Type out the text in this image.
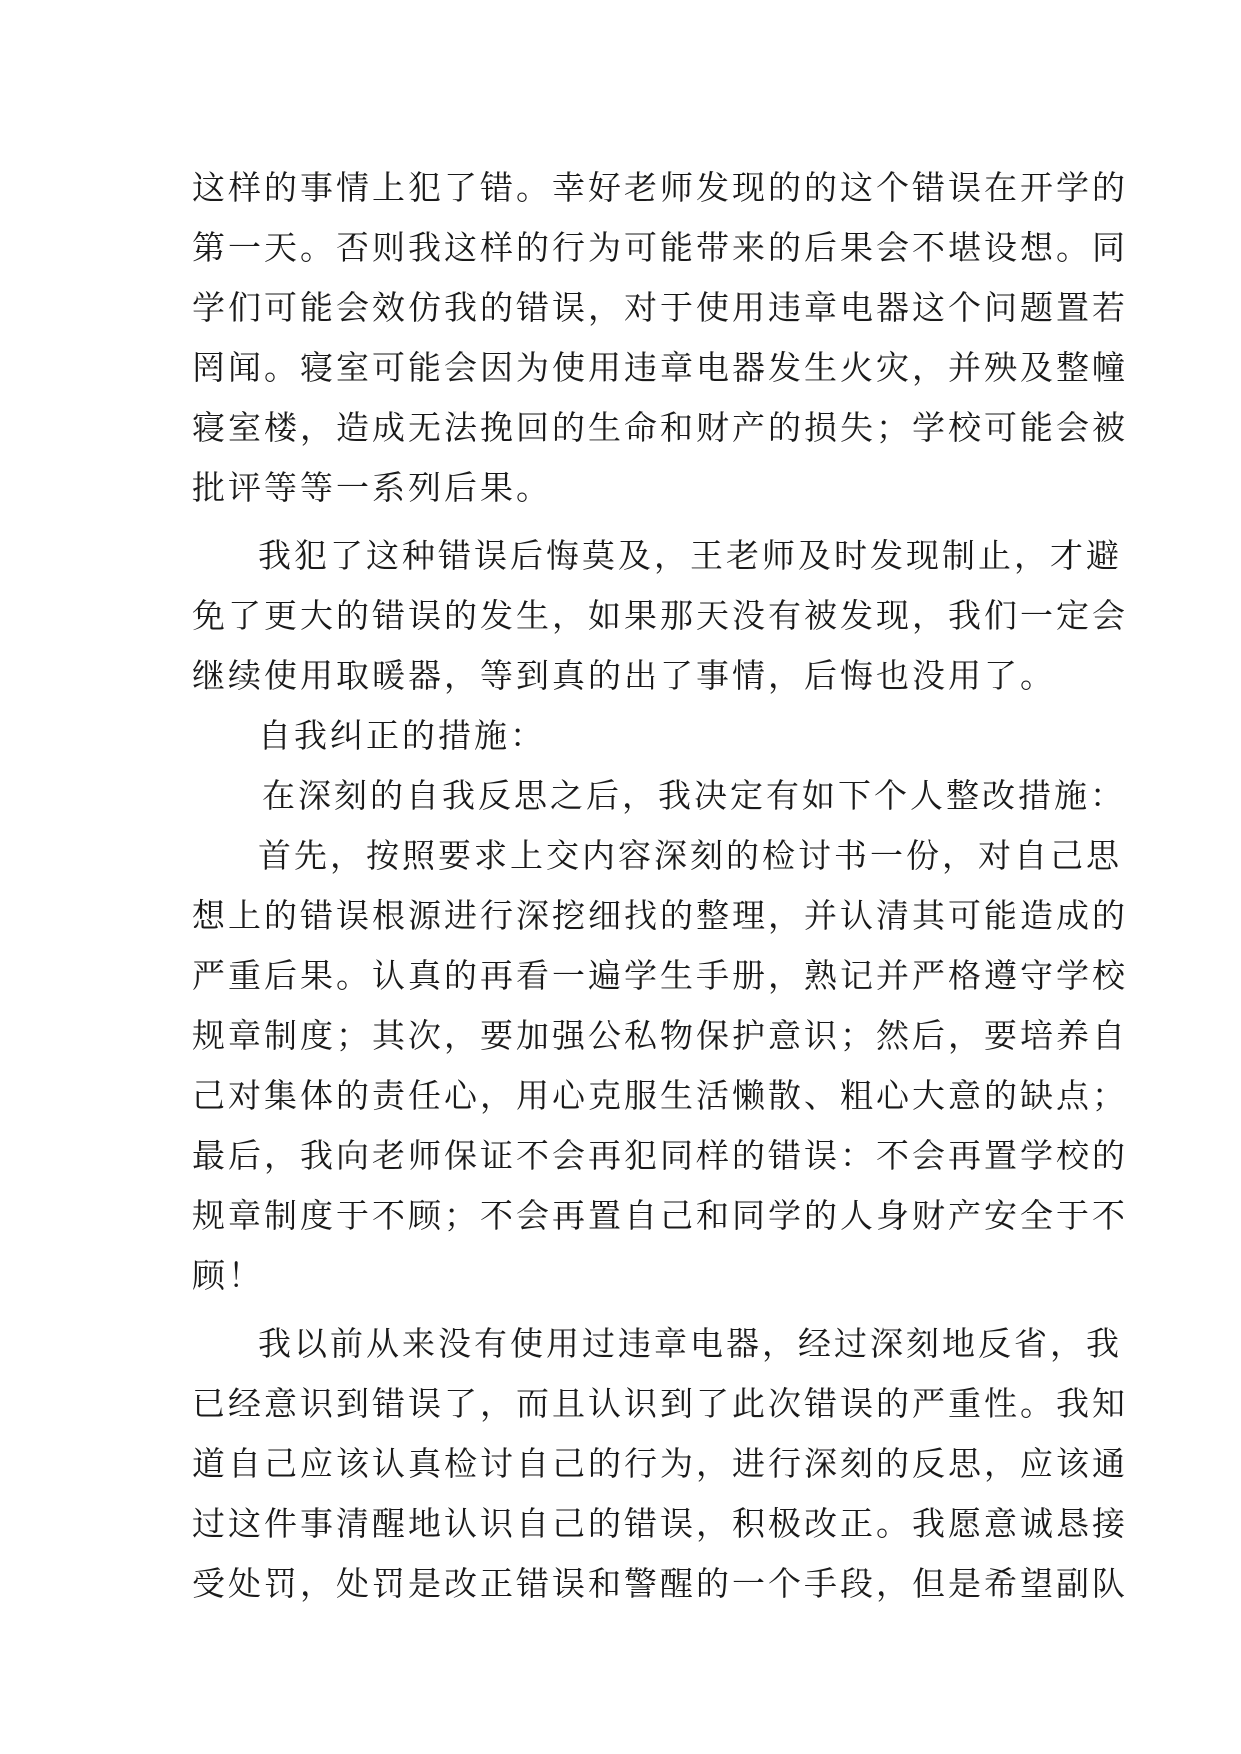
这样的事情上犯了错。幸好老师发现的的这个错误在开学的
第一天。否则我这样的行为可能带来的后果会不堪设想。同
学们可能会效仿我的错误，对于使用违章电器这个问题置若
罔闻。寝室可能会因为使用违章电器发生火灾，并殃及整幢
寝室楼，造成无法挽回的生命和财产的损失；学校可能会被
批评等等一系列后果。
我犯了这种错误后悔莫及，王老师及时发现制止，才避
免了更大的错误的发生，如果那天没有被发现，我们一定会
继续使用取暖器，等到真的出了事情，后悔也没用了。
自我纠正的措施：
在深刻的自我反思之后，我决定有如下个人整改措施：
首先，按照要求上交内容深刻的检讨书一份，对自己思
想上的错误根源进行深挖细找的整理，并认清其可能造成的
严重后果。认真的再看一遍学生手册，熟记并严格遵守学校
规章制度；其次，要加强公私物保护意识；然后，要培养自
己对集体的责任心，用心克服生活懒散、粗心大意的缺点；
最后，我向老师保证不会再犯同样的错误：不会再置学校的
规章制度于不顾；不会再置自己和同学的人身财产安全于不
顾！
我以前从来没有使用过违章电器，经过深刻地反省，我
已经意识到错误了，而且认识到了此次错误的严重性。我知
道自己应该认真检讨自己的行为，进行深刻的反思，应该通
过这件事清醒地认识自己的错误，积极改正。我愿意诚恳接
受处罚，处罚是改正错误和警醒的一个手段，但是希望副队
